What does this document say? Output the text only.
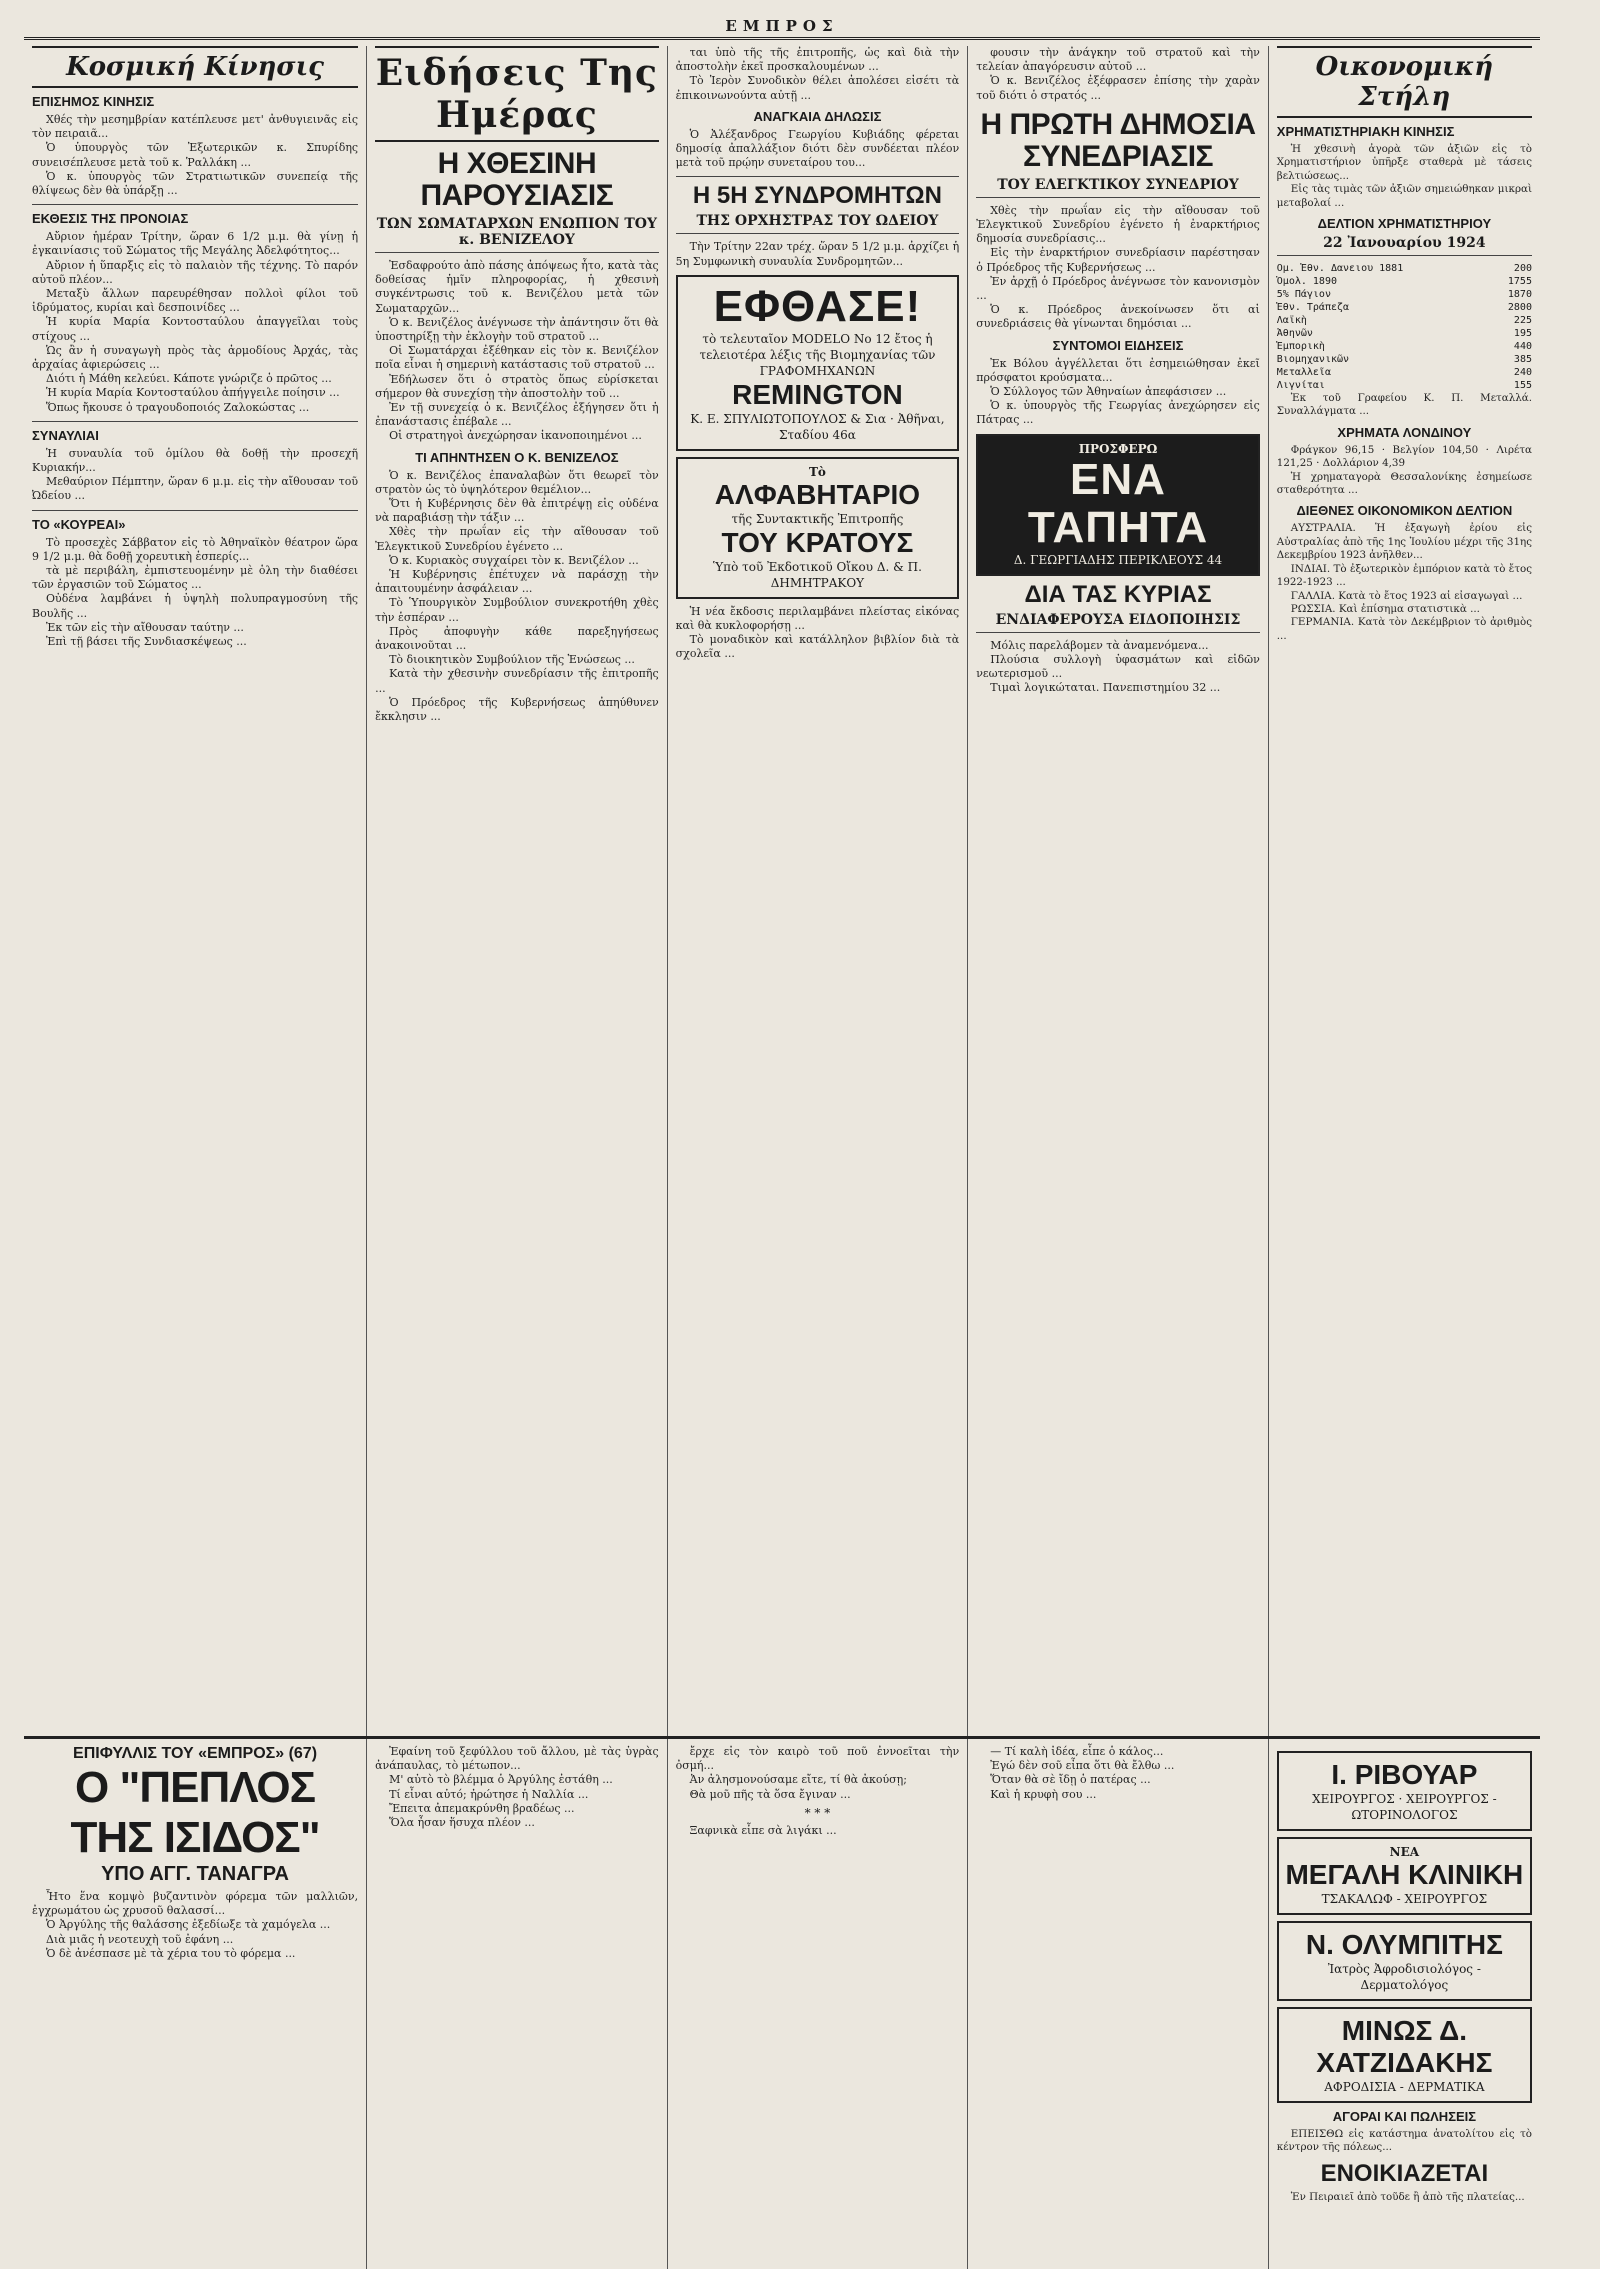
ΕΜΠΡΟΣ
Κοσμική Κίνησις
ΕΠΙΣΗΜΟΣ ΚΙΝΗΣΙΣ

Χθές τὴν μεσημβρίαν κατέπλευσε μετ' ἀνθυγιεινᾶς εἰς τὸν πειραιᾶ...

Ὁ ὑπουργὸς τῶν Ἐξωτερικῶν κ. Σπυρίδης συνεισέπλευσε μετὰ τοῦ κ. Ῥαλλάκη ...

Ὁ κ. ὑπουργὸς τῶν Στρατιωτικῶν συνεπείᾳ τῆς θλίψεως δὲν θὰ ὑπάρξῃ ...

ΕΚΘΕΣΙΣ ΤΗΣ ΠΡΟΝΟΙΑΣ

Αὔριον ἡμέραν Τρίτην, ὥραν 6 1/2 μ.μ. θὰ γίνῃ ἡ ἐγκαινίασις τοῦ Σώματος τῆς Μεγάλης Ἀδελφότητος...

Αὔριον ἡ ὕπαρξις εἰς τὸ παλαιὸν τῆς τέχνης. Τὸ παρόν αὐτοῦ πλέον...

Μεταξὺ ἄλλων παρευρέθησαν πολλοὶ φίλοι τοῦ ἱδρύματος, κυρίαι καὶ δεσποινίδες ...

Ἡ κυρία Μαρία Κοντοσταύλου ἀπαγγεῖλαι τοὺς στίχους ...

Ὡς ἂν ἡ συναγωγὴ πρὸς τὰς ἁρμοδίους Ἀρχάς, τὰς ἀρχαίας ἀφιερώσεις ...

Διότι ἡ Μάθη κελεύει. Κάποτε γνώριζε ὁ πρῶτος ...

Ἡ κυρία Μαρία Κοντοσταύλου ἀπήγγειλε ποίησιν ...

Ὅπως ἤκουσε ὁ τραγουδοποιός Ζαλοκώστας ...

ΣΥΝΑΥΛΙΑΙ

Ἡ συναυλία τοῦ ὁμίλου θὰ δοθῇ τὴν προσεχῆ Κυριακήν...

Μεθαύριον Πέμπτην, ὥραν 6 μ.μ. εἰς τὴν αἴθουσαν τοῦ Ὠδείου ...

ΤΟ «ΚΟΥΡΕΑΙ»

Τὸ προσεχὲς Σάββατον εἰς τὸ Ἀθηναϊκὸν θέατρον ὥρα 9 1/2 μ.μ. θὰ δοθῇ χορευτικὴ ἑσπερίς...

τὰ μὲ περιβάλη, ἐμπιστευομένην μὲ ὁλη τὴν διαθέσει τῶν ἐργασιῶν τοῦ Σώματος ...

Οὐδένα λαμβάνει ἡ ὑψηλὴ πολυπραγμοσύνη τῆς Βουλῆς ...

Ἐκ τῶν εἰς τὴν αἴθουσαν ταύτην ...

Ἐπὶ τῇ βάσει τῆς Συνδιασκέψεως ...

Ειδήσεις Της Ημέρας
Η ΧΘΕΣΙΝΗ ΠΑΡΟΥΣΙΑΣΙΣ
ΤΩΝ ΣΩΜΑΤΑΡΧΩΝ ΕΝΩΠΙΟΝ ΤΟΥ κ. ΒΕΝΙΖΕΛΟΥ

Ἐσδαφρούτο ἀπὸ πάσης ἀπόψεως ἦτο, κατὰ τὰς δοθείσας ἡμῖν πληροφορίας, ἡ χθεσινὴ συγκέντρωσις τοῦ κ. Βενιζέλου μετὰ τῶν Σωματαρχῶν...

Ὁ κ. Βενιζέλος ἀνέγνωσε τὴν ἀπάντησιν ὅτι θὰ ὑποστηρίξῃ τὴν ἐκλογὴν τοῦ στρατοῦ ...

Οἱ Σωματάρχαι ἐξέθηκαν εἰς τὸν κ. Βενιζέλον ποῖα εἶναι ἡ σημερινὴ κατάστασις τοῦ στρατοῦ ...

Ἐδήλωσεν ὅτι ὁ στρατὸς ὅπως εὑρίσκεται σήμερον θὰ συνεχίσῃ τὴν ἀποστολὴν τοῦ ...

Ἐν τῇ συνεχείᾳ ὁ κ. Βενιζέλος ἐξήγησεν ὅτι ἡ ἐπανάστασις ἐπέβαλε ...

Οἱ στρατηγοὶ ἀνεχώρησαν ἱκανοποιημένοι ...

ΤΙ ΑΠΗΝΤΗΣΕΝ Ο Κ. ΒΕΝΙΖΕΛΟΣ

Ὁ κ. Βενιζέλος ἐπαναλαβὼν ὅτι θεωρεῖ τὸν στρατὸν ὡς τὸ ὑψηλότερον θεμέλιον...

Ὅτι ἡ Κυβέρνησις δὲν θὰ ἐπιτρέψῃ εἰς οὐδένα νὰ παραβιάσῃ τὴν τάξιν ...

Χθὲς τὴν πρωΐαν εἰς τὴν αἴθουσαν τοῦ Ἐλεγκτικοῦ Συνεδρίου ἐγένετο ...

Ὁ κ. Κυριακὸς συγχαίρει τὸν κ. Βενιζέλον ...

Ἡ Κυβέρνησις ἐπέτυχεν νὰ παράσχῃ τὴν ἀπαιτουμένην ἀσφάλειαν ...

Τὸ Ὑπουργικὸν Συμβούλιον συνεκροτήθη χθὲς τὴν ἑσπέραν ...

Πρὸς ἀποφυγὴν κάθε παρεξηγήσεως ἀνακοινοῦται ...

Τὸ διοικητικὸν Συμβούλιον τῆς Ἑνώσεως ...

Κατὰ τὴν χθεσινὴν συνεδρίασιν τῆς ἐπιτροπῆς ...

Ὁ Πρόεδρος τῆς Κυβερνήσεως ἀπηύθυνεν ἔκκλησιν ...

ται ὑπὸ τῆς τῆς ἐπιτροπῆς, ὡς καὶ διὰ τὴν ἀποστολὴν ἐκεῖ προσκαλουμένων ...

Τὸ Ἱερὸν Συνοδικὸν θέλει ἀπολέσει εἰσέτι τὰ ἐπικοινωνούντα αὐτῇ ...

ΑΝΑΓΚΑΙΑ ΔΗΛΩΣΙΣ

Ὁ Ἀλέξανδρος Γεωργίου Κυβιάδης φέρεται δημοσίᾳ ἀπαλλάξιον διότι δὲν συνδέεται πλέον μετὰ τοῦ πρῴην συνεταίρου του...

Η 5Η ΣΥΝΔΡΟΜΗΤΩΝ
ΤΗΣ ΟΡΧΗΣΤΡΑΣ ΤΟΥ ΩΔΕΙΟΥ

Τὴν Τρίτην 22αν τρέχ. ὥραν 5 1/2 μ.μ. ἀρχίζει ἡ 5η Συμφωνικὴ συναυλία Συνδρομητῶν...

ΕΦΘΑΣΕ!
τὸ τελευταῖον ΜΟDΕLΟ Νο 12 ἔτος ἡ τελειοτέρα λέξις τῆς Βιομηχανίας τῶν ΓΡΑΦΟΜΗΧΑΝΩΝ
REMINGTON
Κ. Ε. ΣΠΥΛΙΩΤΟΠΟΥΛΟΣ & Σια · Ἀθῆναι, Σταδίου 46α
Τὸ
ΑΛΦΑΒΗΤΑΡΙΟ
τῆς Συντακτικῆς Ἐπιτροπῆς
ΤΟΥ ΚΡΑΤΟΥΣ
Ὑπὸ τοῦ Ἐκδοτικοῦ Οἴκου Δ. & Π. ΔΗΜΗΤΡΑΚΟΥ

Ἡ νέα ἔκδοσις περιλαμβάνει πλείστας εἰκόνας καὶ θὰ κυκλοφορήσῃ ...

Τὸ μοναδικὸν καὶ κατάλληλον βιβλίον διὰ τὰ σχολεῖα ...

φουσιν τὴν ἀνάγκην τοῦ στρατοῦ καὶ τὴν τελείαν ἀπαγόρευσιν αὐτοῦ ...

Ὁ κ. Βενιζέλος ἐξέφρασεν ἐπίσης τὴν χαρὰν τοῦ διότι ὁ στρατός ...

Η ΠΡΩΤΗ ΔΗΜΟΣΙΑ ΣΥΝΕΔΡΙΑΣΙΣ
ΤΟΥ ΕΛΕΓΚΤΙΚΟΥ ΣΥΝΕΔΡΙΟΥ

Χθὲς τὴν πρωΐαν εἰς τὴν αἴθουσαν τοῦ Ἐλεγκτικοῦ Συνεδρίου ἐγένετο ἡ ἐναρκτήριος δημοσία συνεδρίασις...

Εἰς τὴν ἐναρκτήριον συνεδρίασιν παρέστησαν ὁ Πρόεδρος τῆς Κυβερνήσεως ...

Ἐν ἀρχῇ ὁ Πρόεδρος ἀνέγνωσε τὸν κανονισμὸν ...

Ὁ κ. Πρόεδρος ἀνεκοίνωσεν ὅτι αἱ συνεδριάσεις θὰ γίνωνται δημόσιαι ...

ΣΥΝΤΟΜΟΙ ΕΙΔΗΣΕΙΣ

Ἐκ Βόλου ἀγγέλλεται ὅτι ἐσημειώθησαν ἐκεῖ πρόσφατοι κρούσματα...

Ὁ Σύλλογος τῶν Ἀθηναίων ἀπεφάσισεν ...

Ὁ κ. ὑπουργὸς τῆς Γεωργίας ἀνεχώρησεν εἰς Πάτρας ...

ΠΡΟΣΦΕΡΩ
ΕΝΑ ΤΑΠΗΤΑ
Δ. ΓΕΩΡΓΙΑΔΗΣ ΠΕΡΙΚΛΕΟΥΣ 44
ΔΙΑ ΤΑΣ ΚΥΡΙΑΣ
ΕΝΔΙΑΦΕΡΟΥΣΑ ΕΙΔΟΠΟΙΗΣΙΣ

Μόλις παρελάβομεν τὰ ἀναμενόμενα...

Πλούσια συλλογὴ ὑφασμάτων καὶ εἰδῶν νεωτερισμοῦ ...

Τιμαὶ λογικώταται. Πανεπιστημίου 32 ...

Οικονομική Στήλη
ΧΡΗΜΑΤΙΣΤΗΡΙΑΚΗ ΚΙΝΗΣΙΣ

Ἡ χθεσινὴ ἀγορὰ τῶν ἀξιῶν εἰς τὸ Χρηματιστήριον ὑπῆρξε σταθερὰ μὲ τάσεις βελτιώσεως...

Εἰς τὰς τιμὰς τῶν ἀξιῶν σημειώθηκαν μικραὶ μεταβολαί ...

ΔΕΛΤΙΟΝ ΧΡΗΜΑΤΙΣΤΗΡΙΟΥ
22 Ἰανουαρίου 1924
Ομ. Ἐθν. Δανειου 1881	200
Ὁμολ. 1890	1755
5% Πάγιον	1870
Ἐθν. Τράπεζα	2800
Λαϊκὴ	225
Ἀθηνῶν	195
Ἐμπορικὴ	440
Βιομηχανικῶν	385
Μεταλλεῖα	240
Λιγνίται	155

Ἐκ τοῦ Γραφείου Κ. Π. Μεταλλά. Συναλλάγματα ...

ΧΡΗΜΑΤΑ ΛΟΝΔΙΝΟΥ

Φράγκον 96,15 · Βελγίον 104,50 · Λιρέτα 121,25 · Δολλάριον 4,39

Ἡ χρηματαγορὰ Θεσσαλονίκης ἐσημείωσε σταθερότητα ...

ΔΙΕΘΝΕΣ ΟΙΚΟΝΟΜΙΚΟΝ ΔΕΛΤΙΟΝ

ΑΥΣΤΡΑΛΙΑ. Ἡ ἐξαγωγὴ ἐρίου εἰς Αὐστραλίας ἀπὸ τῆς 1ης Ἰουλίου μέχρι τῆς 31ης Δεκεμβρίου 1923 ἀνῆλθεν...

ΙΝΔΙΑΙ. Τὸ ἐξωτερικὸν ἐμπόριον κατὰ τὸ ἔτος 1922-1923 ...

ΓΑΛΛΙΑ. Κατὰ τὸ ἔτος 1923 αἱ εἰσαγωγαὶ ...

ΡΩΣΣΙΑ. Καὶ ἐπίσημα στατιστικὰ ...

ΓΕΡΜΑΝΙΑ. Κατὰ τὸν Δεκέμβριον τὸ ἀριθμὸς ...

ΕΠΙΦΥΛΛΙΣ ΤΟΥ «ΕΜΠΡΟΣ» (67)
Ο "ΠΕΠΛΟΣ ΤΗΣ ΙΣΙΔΟΣ"
ΥΠΟ ΑΓΓ. ΤΑΝΑΓΡΑ

Ἦτο ἕνα κομψὸ βυζαντινὸν φόρεμα τῶν μαλλιῶν, ἐγχρωμάτου ὡς χρυσοῦ θαλασσί...

Ὁ Ἀργύλης τῆς θαλάσσης ἐξεδίωξε τὰ χαμόγελα ...

Διὰ μιᾶς ἡ νεοτευχὴ τοῦ ἐφάνη ...

Ὁ δὲ ἀνέσπασε μὲ τὰ χέρια του τὸ φόρεμα ...

Ἐφαίνη τοῦ ξεφύλλου τοῦ ἄλλου, μὲ τὰς ὑγρὰς ἀνάπαυλας, τὸ μέτωπον...

Μ' αὐτὸ τὸ βλέμμα ὁ Ἀργύλης ἐστάθη ...

Τί εἶναι αὐτό; ἠρώτησε ἡ Ναλλία ...

Ἔπειτα ἀπεμακρύνθη βραδέως ...

Ὅλα ἦσαν ἥσυχα πλέον ...

ἔρχε εἰς τὸν καιρὸ τοῦ ποῦ ἐννοεῖται τὴν ὀσμή...

Ἀν ἀλησμονούσαμε εἴτε, τί θὰ ἀκούσῃ;

Θὰ μοῦ πῆς τὰ ὅσα ἔγιναν ...

* * *

Ξαφνικὰ εἶπε σὰ λιγάκι ...

— Τί καλὴ ἰδέα, εἶπε ὁ κάλος...

Ἐγώ δὲν σοῦ εἶπα ὅτι θὰ ἔλθω ...

Ὅταν θὰ σὲ ἴδῃ ὁ πατέρας ...

Καὶ ἡ κρυφὴ σου ...

Ι. ΡΙΒΟΥΑΡ
ΧΕΙΡΟΥΡΓΟΣ · ΧΕΙΡΟΥΡΓΟΣ - ΩΤΟΡΙΝΟΛΟΓΟΣ
ΝΕΑ
ΜΕΓΑΛΗ ΚΛΙΝΙΚΗ
ΤΣΑΚΑΛΩΦ - ΧΕΙΡΟΥΡΓΟΣ
Ν. ΟΛΥΜΠΙΤΗΣ
Ἰατρὸς Ἀφροδισιολόγος - Δερματολόγος
ΜΙΝΩΣ Δ. ΧΑΤΖΙΔΑΚΗΣ
ΑΦΡΟΔΙΣΙΑ - ΔΕΡΜΑΤΙΚΑ
ΑΓΟΡΑΙ ΚΑΙ ΠΩΛΗΣΕΙΣ

ΕΠΕΙΣΘΩ εἰς κατάστημα ἀνατολίτου εἰς τὸ κέντρον τῆς πόλεως...

ΕΝΟΙΚΙΑΖΕΤΑΙ

Ἐν Πειραιεῖ ἀπὸ τοῦδε ἢ ἀπὸ τῆς πλατείας...
